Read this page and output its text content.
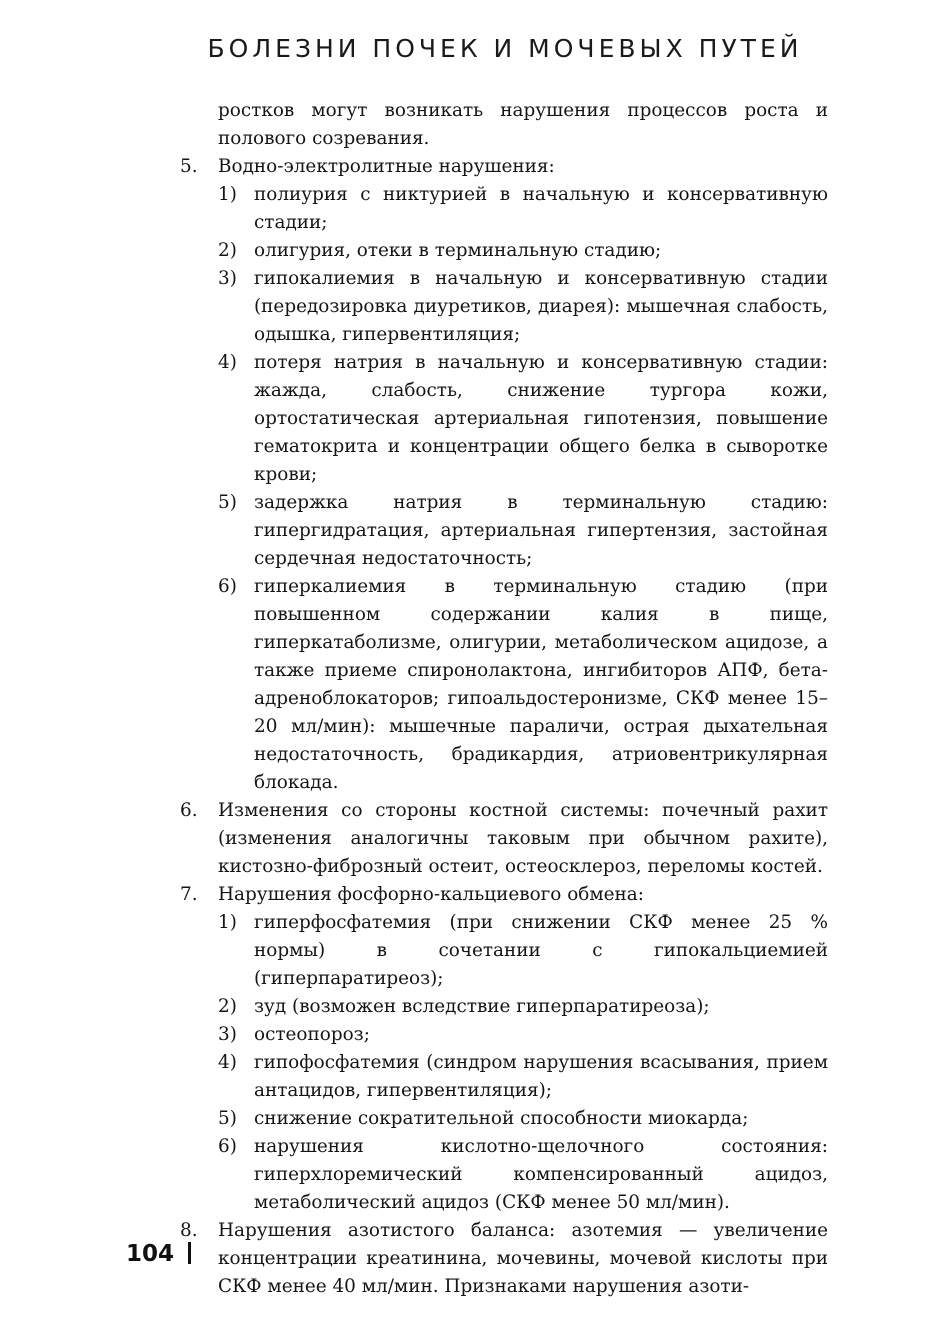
БОЛЕЗНИ ПОЧЕК И МОЧЕВЫХ ПУТЕЙ
ростков могут возникать нарушения процессов роста и полового созревания.
5.	Водно-электролитные нарушения:
1) полиурия с никтурией в начальную и консервативную стадии;
2) олигурия, отеки в терминальную стадию;
3) гипокалиемия в начальную и консервативную стадии (передозировка диуретиков, диарея): мышечная слабость, одышка, гипервентиляция;
4) потеря натрия в начальную и консервативную стадии: жажда, слабость, снижение тургора кожи, ортостатическая артериальная гипотензия, повышение гематокрита и концентрации общего белка в сыворотке крови;
5) задержка натрия в терминальную стадию: гипергидратация, артериальная гипертензия, застойная сердечная недостаточность;
6) гиперкалиемия в терминальную стадию (при повышенном содержании калия в пище, гиперкатаболизме, олигурии, метаболическом ацидозе, а также приеме спиронолактона, ингибиторов АПФ, бета-адреноблокаторов; гипоальдостеронизме, СКФ менее 15–20 мл/мин): мышечные параличи, острая дыхательная недостаточность, брадикардия, атриовентрикулярная блокада.
6.	Изменения со стороны костной системы: почечный рахит (изменения аналогичны таковым при обычном рахите), кистозно-фиброзный остеит, остеосклероз, переломы костей.
7.	Нарушения фосфорно-кальциевого обмена:
1) гиперфосфатемия (при снижении СКФ менее 25 % нормы) в сочетании с гипокальциемией (гиперпаратиреоз);
2) зуд (возможен вследствие гиперпаратиреоза);
3) остеопороз;
4) гипофосфатемия (синдром нарушения всасывания, прием антацидов, гипервентиляция);
5) снижение сократительной способности миокарда;
6) нарушения кислотно-щелочного состояния: гиперхлоремический компенсированный ацидоз, метаболический ацидоз (СКФ менее 50 мл/мин).
8.	Нарушения азотистого баланса: азотемия — увеличение концентрации креатинина, мочевины, мочевой кислоты при СКФ менее 40 мл/мин. Признаками нарушения азоти-
104
